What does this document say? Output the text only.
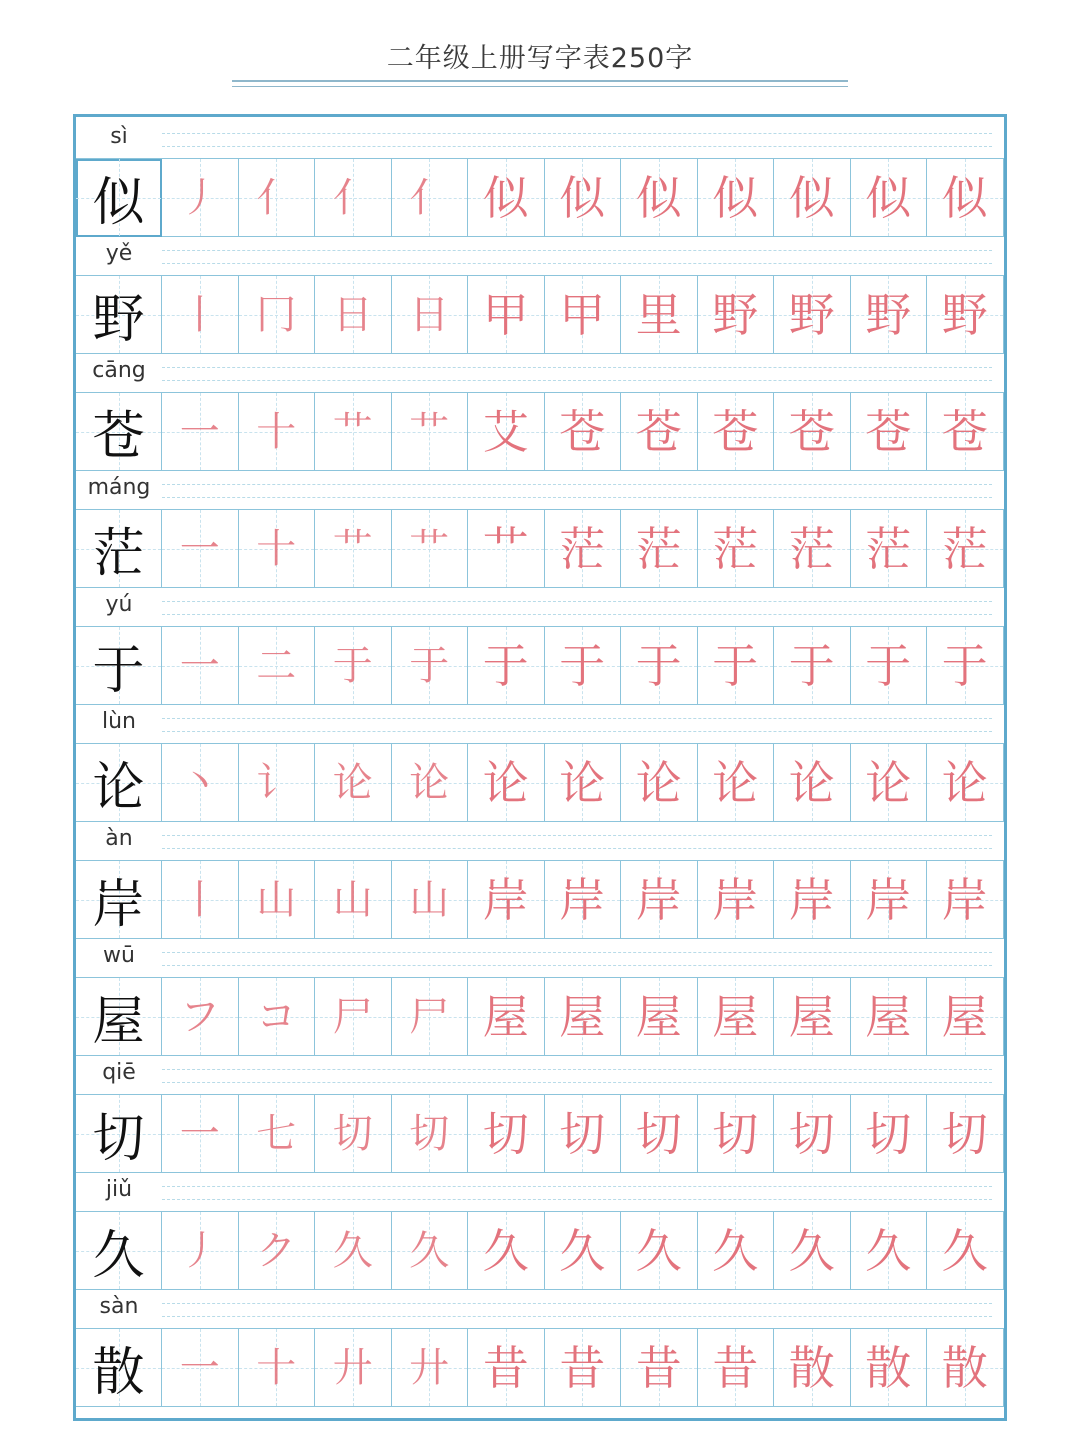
二年级上册写字表250字
sì
似 丿 亻 亻 亻 似 似 似 似 似 似 似
yě
野 丨 冂 日 日 甲 甲 里 野 野 野 野
cāng
苍 一 十 艹 艹 艾 苍 苍 苍 苍 苍 苍
máng
茫 一 十 艹 艹 艹 茫 茫 茫 茫 茫 茫
yú
于 一 二 于 于 于 于 于 于 于 于 于
lùn
论 丶 讠 论 论 论 论 论 论 论 论 论
àn
岸 丨 山 山 山 岸 岸 岸 岸 岸 岸 岸
wū
屋 フ コ 尸 尸 屋 屋 屋 屋 屋 屋 屋
qiē
切 一 七 切 切 切 切 切 切 切 切 切
jiǔ
久 丿 ク 久 久 久 久 久 久 久 久 久
sàn
散 一 十 廾 廾 昔 昔 昔 昔 散 散 散
